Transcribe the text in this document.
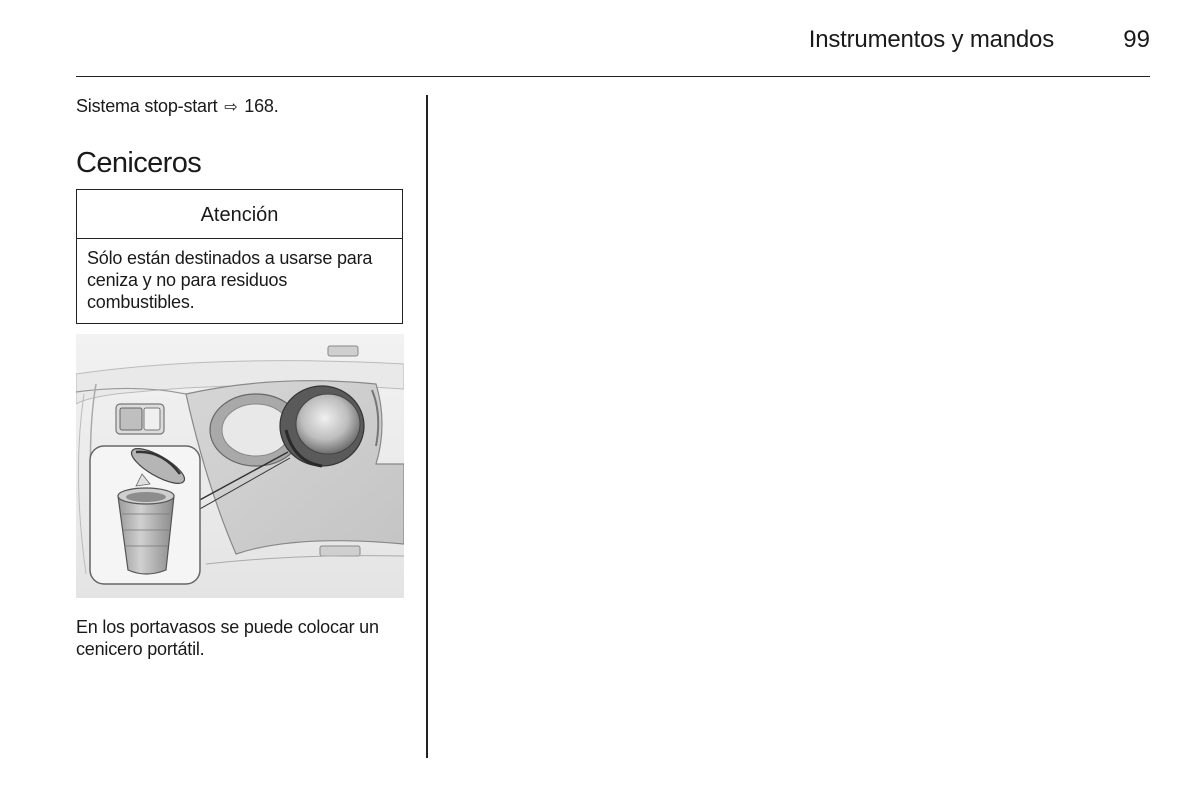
Instrumentos y mandos	99

Sistema stop-start ⇨ 168.

Ceniceros
Atención

Sólo están destinados a usarse para ceniza y no para residuos combustibles.

En los portavasos se puede colocar un cenicero portátil.
